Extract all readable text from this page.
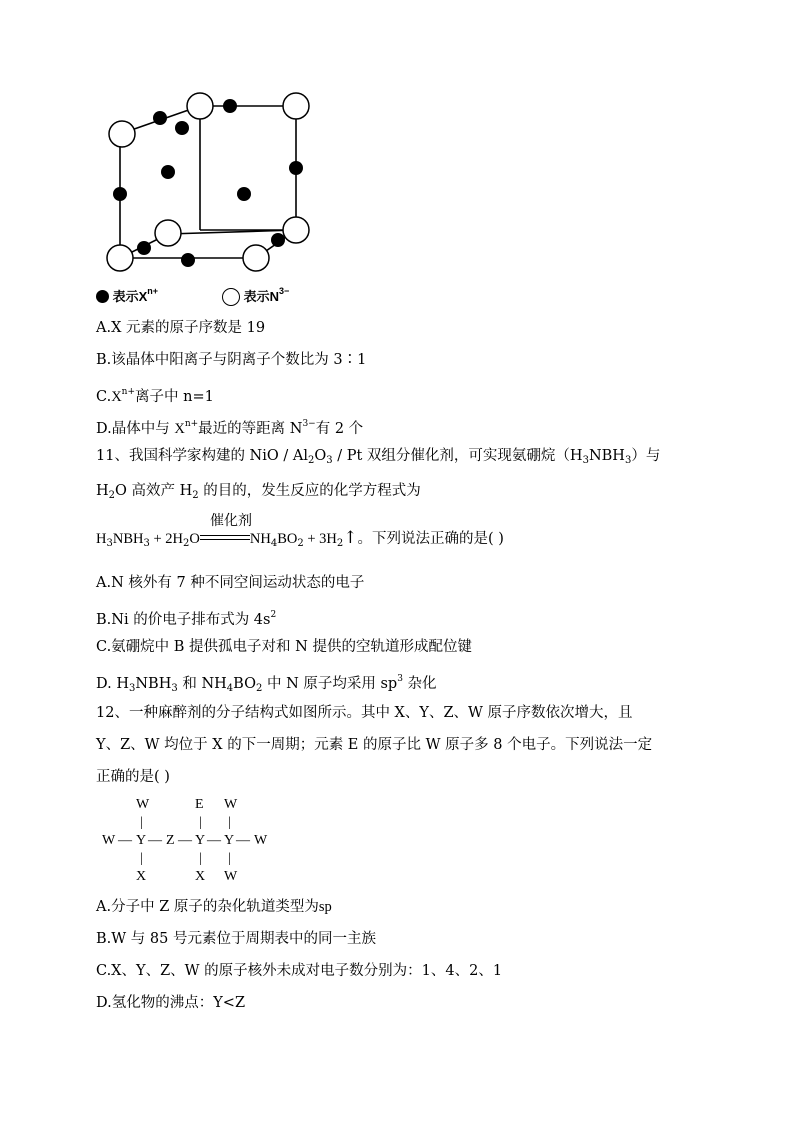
表示$X^{n+}$	表示$N^{3-}$
A.X 元素的原子序数是 19
B.该晶体中阳离子与阴离子个数比为 3∶1
$C.X^{n+}$离子中 n=1
D.晶体中与 $X^{n+}$最近的等距离 $N^{3-}$有 2 个
11、我国科学家构建的 NiO / $Al_2O_3$ / Pt 双组分催化剂，可实现氨硼烷$(H_3NBH_3)$与
$H_2O$ 高效产 $H_2$ 的目的，发生反应的化学方程式为
$H_3NBH_3 + 2H_2O$	$NH_4BO_2$ + $3H_2↑$。下列说法正确的是( )
催化剂
A.N 核外有 7 种不同空间运动状态的电子
B.Ni 的价电子排布式为 $4s^2$
C.氨硼烷中 B 提供孤电子对和 N 提供的空轨道形成配位键
D. $H_3NBH_3$ 和 $NH_4BO_2$ 中 N 原子均采用 $sp^3$ 杂化
12、一种麻醉剂的分子结构式如图所示。其中 X、Y、Z、W 原子序数依次增大，且
Y、Z、W 均位于 X 的下一周期；元素 E 的原子比 W 原子多 8 个电子。下列说法一定
正确的是( )
W	E W
|	| |
W — Y — Z — Y — Y — W
|	| |
X	X W
A.分子中 Z 原子的杂化轨道类型为sp
B.W 与 85 号元素位于周期表中的同一主族
C.X、Y、Z、W 的原子核外未成对电子数分别为：1、4、2、1
D.氢化物的沸点：Y<Z
